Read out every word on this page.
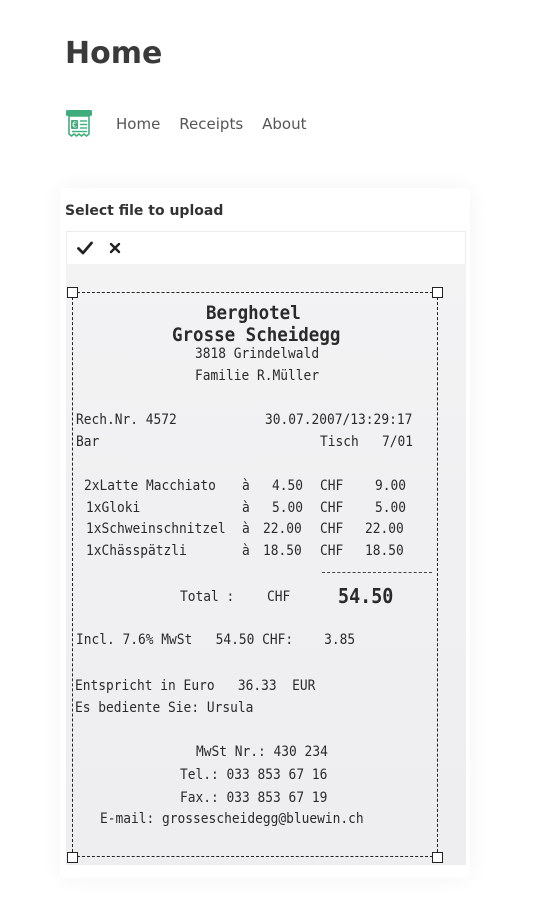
Home
€	Home Receipts About
Select file to upload
Berghotel
Grosse Scheidegg
3818 Grindelwald
Familie R.Müller
Rech.Nr. 4572	30.07.2007/13:29:17
Bar	Tisch   7/01
2xLatte Macchiato à 4.50 CHF 9.00
1xGloki	à 5.00 CHF 5.00
1xSchweinschnitzel à 22.00 CHF 22.00
1xChässpätzli	à 18.50 CHF 18.50
Total : CHF 54.50
Incl. 7.6% MwSt   54.50 CHF:    3.85
Entspricht in Euro   36.33  EUR
Es bediente Sie: Ursula
MwSt Nr.: 430 234
Tel.: 033 853 67 16
Fax.: 033 853 67 19
E-mail: grossescheidegg@bluewin.ch
